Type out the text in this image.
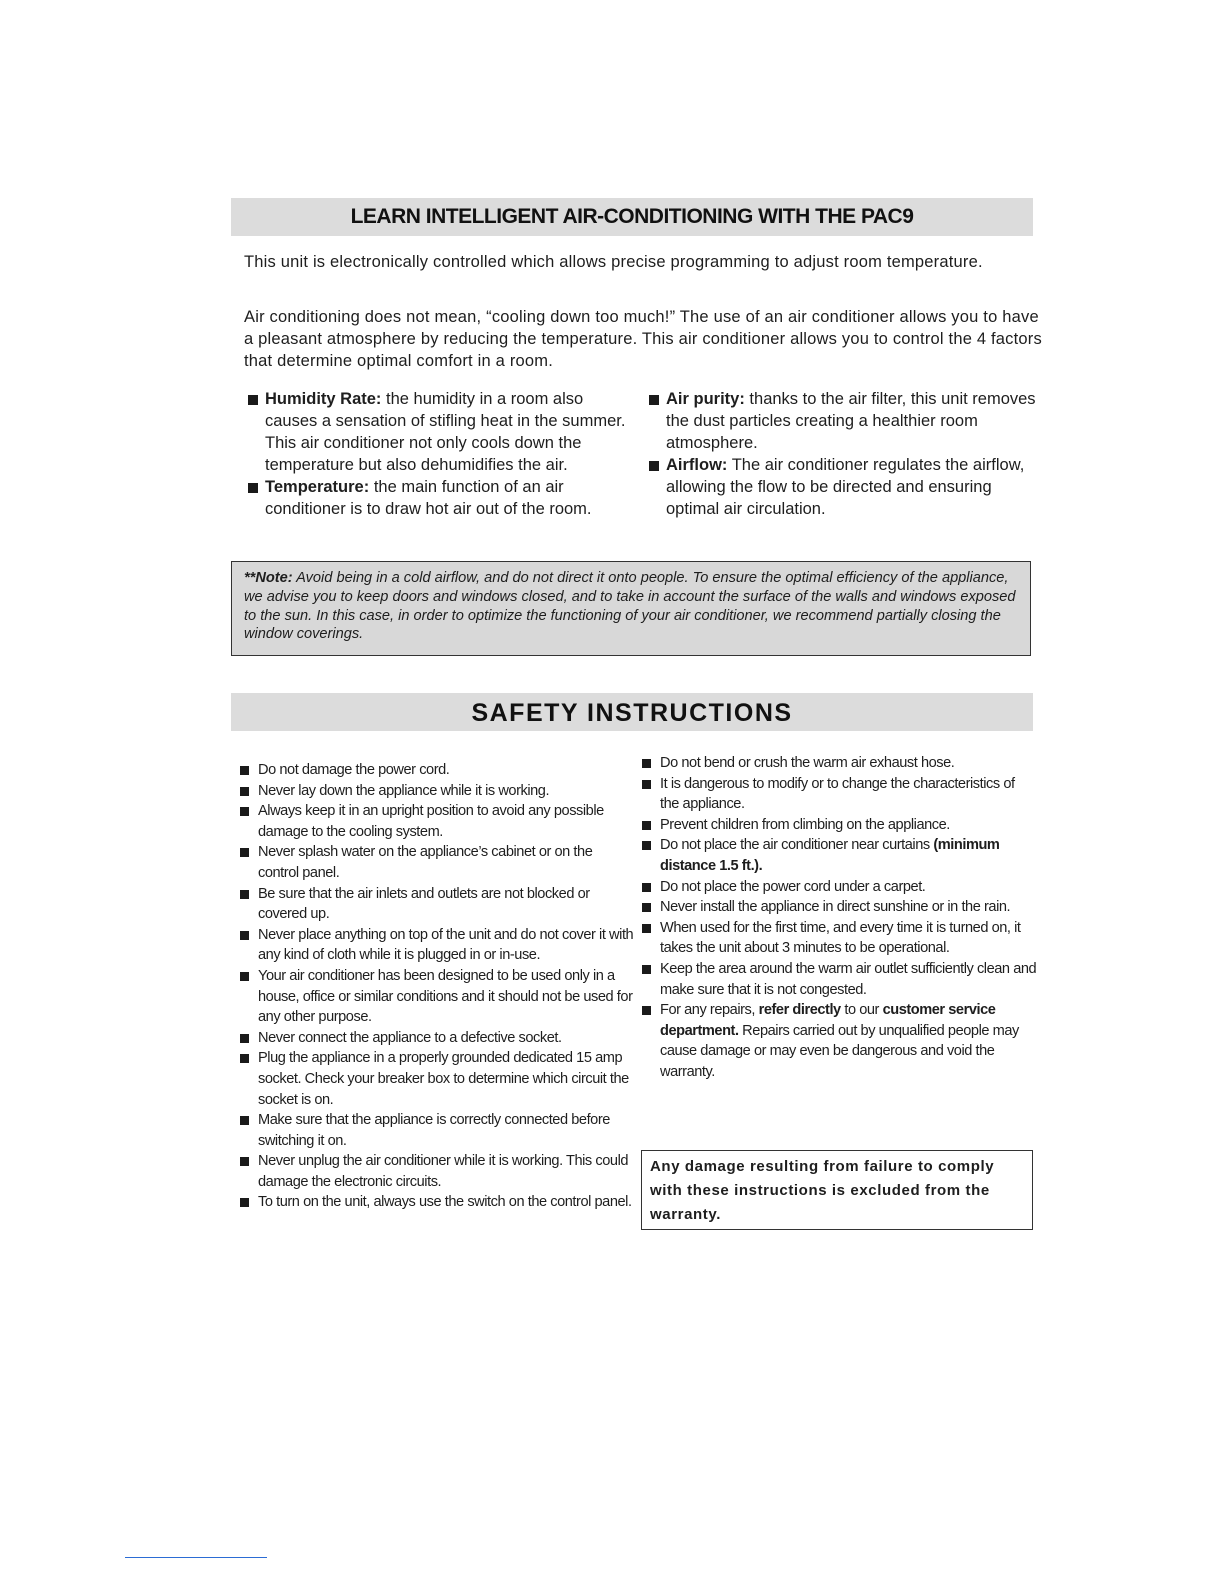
LEARN INTELLIGENT AIR-CONDITIONING WITH THE PAC9

This unit is electronically controlled which allows precise programming to adjust room temperature.

Air conditioning does not mean, “cooling down too much!” The use of an air conditioner allows you to have a pleasant atmosphere by reducing the temperature. This air conditioner allows you to control the 4 factors that determine optimal comfort in a room.

Humidity Rate: the humidity in a room also causes a sensation of stifling heat in the summer. This air conditioner not only cools down the temperature but also dehumidifies the air.

Temperature: the main function of an air conditioner is to draw hot air out of the room.

Air purity: thanks to the air filter, this unit removes the dust particles creating a healthier room atmosphere.

Airflow: The air conditioner regulates the airflow, allowing the flow to be directed and ensuring optimal air circulation.

**Note: Avoid being in a cold airflow, and do not direct it onto people. To ensure the optimal efficiency of the appliance, we advise you to keep doors and windows closed, and to take in account the surface of the walls and windows exposed to the sun. In this case, in order to optimize the functioning of your air conditioner, we recommend partially closing the window coverings.
SAFETY INSTRUCTIONS

Do not damage the power cord.

Never lay down the appliance while it is working.

Always keep it in an upright position to avoid any possible damage to the cooling system.

Never splash water on the appliance’s cabinet or on the control panel.

Be sure that the air inlets and outlets are not blocked or covered up.

Never place anything on top of the unit and do not cover it with any kind of cloth while it is plugged in or in-use.

Your air conditioner has been designed to be used only in a house, office or similar conditions and it should not be used for any other purpose.

Never connect the appliance to a defective socket.

Plug the appliance in a properly grounded dedicated 15 amp socket. Check your breaker box to determine which circuit the socket is on.

Make sure that the appliance is correctly connected before switching it on.

Never unplug the air conditioner while it is working. This could damage the electronic circuits.

To turn on the unit, always use the switch on the control panel.

Do not bend or crush the warm air exhaust hose.

It is dangerous to modify or to change the characteristics of the appliance.

Prevent children from climbing on the appliance.

Do not place the air conditioner near curtains (minimum distance 1.5 ft.).

Do not place the power cord under a carpet.

Never install the appliance in direct sunshine or in the rain.

When used for the first time, and every time it is turned on, it takes the unit about 3 minutes to be operational.

Keep the area around the warm air outlet sufficiently clean and make sure that it is not congested.

For any repairs, refer directly to our customer service department. Repairs carried out by unqualified people may cause damage or may even be dangerous and void the warranty.

Any damage resulting from failure to comply with these instructions is excluded from the warranty.
